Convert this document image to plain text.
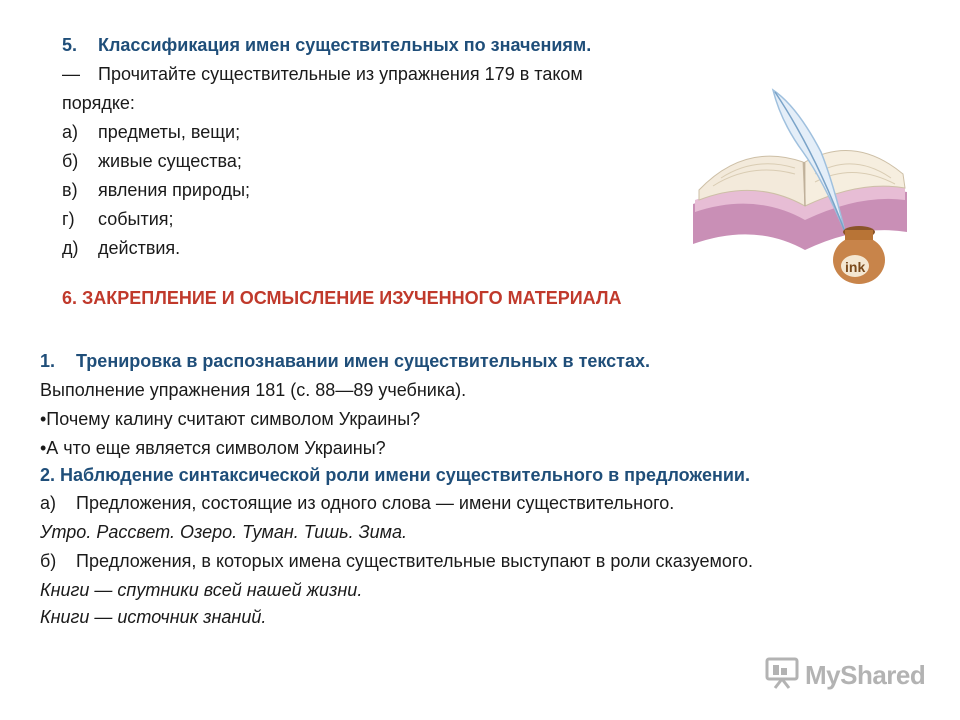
5. Классификация имен существительных по значениям.
— Прочитайте существительные из упражнения 179 в таком
порядке:
а) предметы, вещи;
б) живые существа;
в) явления природы;
г) события;
д) действия.
6. ЗАКРЕПЛЕНИЕ И ОСМЫСЛЕНИЕ ИЗУЧЕННОГО МАТЕРИАЛА
1. Тренировка в распознавании имен существительных в текстах.
Выполнение упражнения 181 (с. 88—89 учебника).
•Почему калину считают символом Украины?
•А что еще является символом Украины?
2. Наблюдение синтаксической роли имени существительного в предложении.
а) Предложения, состоящие из одного слова — имени существительного.
Утро. Рассвет. Озеро. Туман. Тишь. Зима.
б) Предложения, в которых имена существительные выступают в роли сказуемого.
Книги — спутники всей нашей жизни.
Книги — источник знаний.
ink
MyShared
